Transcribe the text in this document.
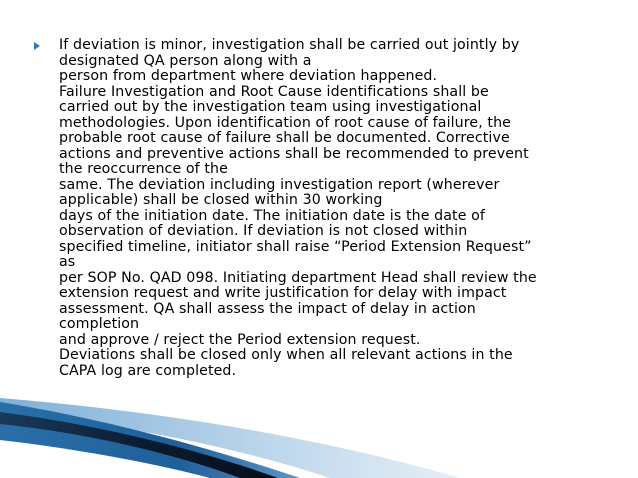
If deviation is minor, investigation shall be carried out jointly by
designated QA person along with a
person from department where deviation happened.
Failure Investigation and Root Cause identifications shall be
carried out by the investigation team using investigational
methodologies. Upon identification of root cause of failure, the
probable root cause of failure shall be documented. Corrective
actions and preventive actions shall be recommended to prevent
the reoccurrence of the
same. The deviation including investigation report (wherever
applicable) shall be closed within 30 working
days of the initiation date. The initiation date is the date of
observation of deviation. If deviation is not closed within
specified timeline, initiator shall raise “Period Extension Request”
as
per SOP No. QAD 098. Initiating department Head shall review the
extension request and write justification for delay with impact
assessment. QA shall assess the impact of delay in action
completion
and approve / reject the Period extension request.
Deviations shall be closed only when all relevant actions in the
CAPA log are completed.
